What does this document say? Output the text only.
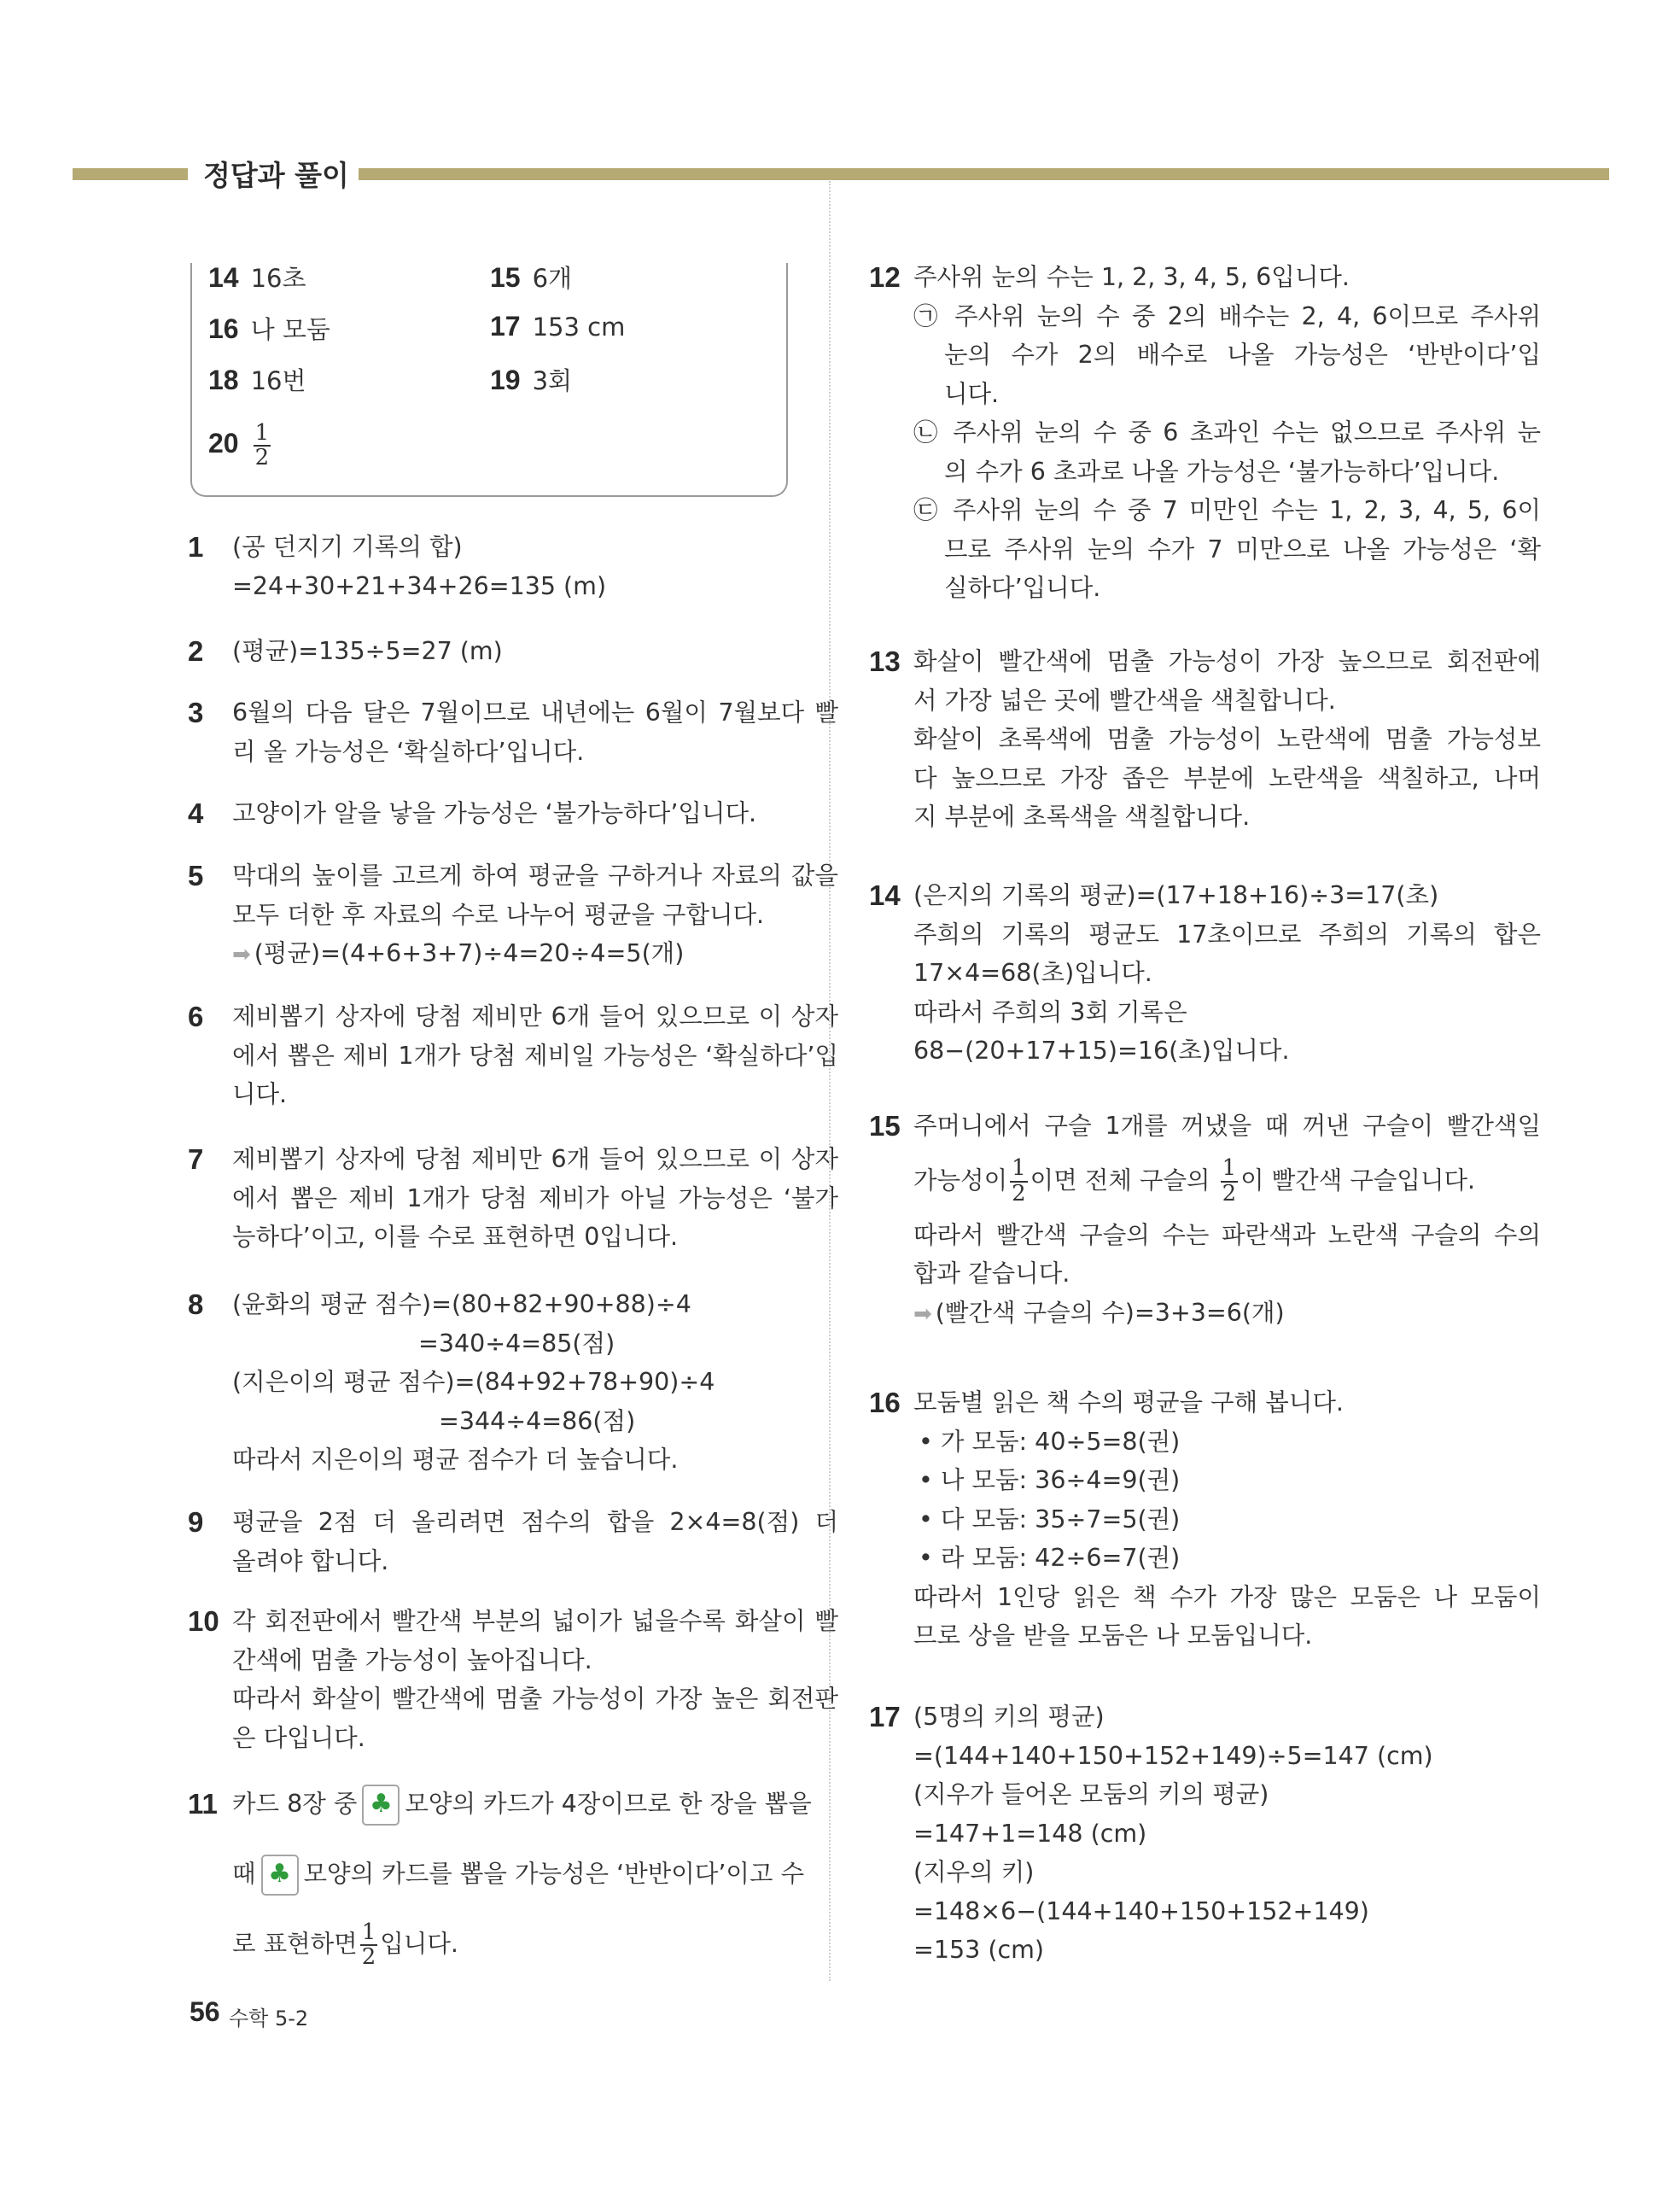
정답과 풀이
14 16초	15 6개
16 나 모둠	17 153 cm
18 16번	19 3회
$20 \frac{1}{2}$
1 (공 던지기 기록의 합)
=24+30+21+34+26=135 (m)
2 (평균)=135÷5=27 (m)
3 6월의 다음 달은 7월이므로 내년에는 6월이 7월보다 빨
리 올 가능성은 ‘확실하다’입니다.
4 고양이가 알을 낳을 가능성은 ‘불가능하다’입니다.
5 막대의 높이를 고르게 하여 평균을 구하거나 자료의 값을
모두 더한 후 자료의 수로 나누어 평균을 구합니다.
➡ (평균)=(4+6+3+7)÷4=20÷4=5(개)
6 제비뽑기 상자에 당첨 제비만 6개 들어 있으므로 이 상자
에서 뽑은 제비 1개가 당첨 제비일 가능성은 ‘확실하다’입
니다.
7 제비뽑기 상자에 당첨 제비만 6개 들어 있으므로 이 상자
에서 뽑은 제비 1개가 당첨 제비가 아닐 가능성은 ‘불가
능하다’이고, 이를 수로 표현하면 0입니다.
8 (윤화의 평균 점수)=(80+82+90+88)÷4
=340÷4=85(점)
(지은이의 평균 점수)=(84+92+78+90)÷4
=344÷4=86(점)
따라서 지은이의 평균 점수가 더 높습니다.
9 평균을 2점 더 올리려면 점수의 합을 2×4=8(점) 더
올려야 합니다.
10 각 회전판에서 빨간색 부분의 넓이가 넓을수록 화살이 빨
간색에 멈출 가능성이 높아집니다.
따라서 화살이 빨간색에 멈출 가능성이 가장 높은 회전판
은 다입니다.
11 카드 8장 중 ♣ 모양의 카드가 4장이므로 한 장을 뽑을
때 ♣ 모양의 카드를 뽑을 가능성은 ‘반반이다’이고 수
로 표현하면 $\frac{1}{2}$ 입니다.
12 주사위 눈의 수는 1, 2, 3, 4, 5, 6입니다.
㉠ 주사위 눈의 수 중 2의 배수는 2, 4, 6이므로 주사위
눈의 수가 2의 배수로 나올 가능성은 ‘반반이다’입
니다.
㉡ 주사위 눈의 수 중 6 초과인 수는 없으므로 주사위 눈
의 수가 6 초과로 나올 가능성은 ‘불가능하다’입니다.
㉢ 주사위 눈의 수 중 7 미만인 수는 1, 2, 3, 4, 5, 6이
므로 주사위 눈의 수가 7 미만으로 나올 가능성은 ‘확
실하다’입니다.
13 화살이 빨간색에 멈출 가능성이 가장 높으므로 회전판에
서 가장 넓은 곳에 빨간색을 색칠합니다.
화살이 초록색에 멈출 가능성이 노란색에 멈출 가능성보
다 높으므로 가장 좁은 부분에 노란색을 색칠하고, 나머
지 부분에 초록색을 색칠합니다.
14 (은지의 기록의 평균)=(17+18+16)÷3=17(초)
주희의 기록의 평균도 17초이므로 주희의 기록의 합은
17×4=68(초)입니다.
따라서 주희의 3회 기록은
68−(20+17+15)=16(초)입니다.
15 주머니에서 구슬 1개를 꺼냈을 때 꺼낸 구슬이 빨간색일
가능성이 $\frac{1}{2}$ 이면 전체 구슬의 $\frac{1}{2}$ 이 빨간색 구슬입니다.
따라서 빨간색 구슬의 수는 파란색과 노란색 구슬의 수의
합과 같습니다.
➡ (빨간색 구슬의 수)=3+3=6(개)
16 모둠별 읽은 책 수의 평균을 구해 봅니다.
• 가 모둠: 40÷5=8(권)
• 나 모둠: 36÷4=9(권)
• 다 모둠: 35÷7=5(권)
• 라 모둠: 42÷6=7(권)
따라서 1인당 읽은 책 수가 가장 많은 모둠은 나 모둠이
므로 상을 받을 모둠은 나 모둠입니다.
17 (5명의 키의 평균)
=(144+140+150+152+149)÷5=147 (cm)
(지우가 들어온 모둠의 키의 평균)
=147+1=148 (cm)
(지우의 키)
=148×6−(144+140+150+152+149)
=153 (cm)
56 수학 5-2
